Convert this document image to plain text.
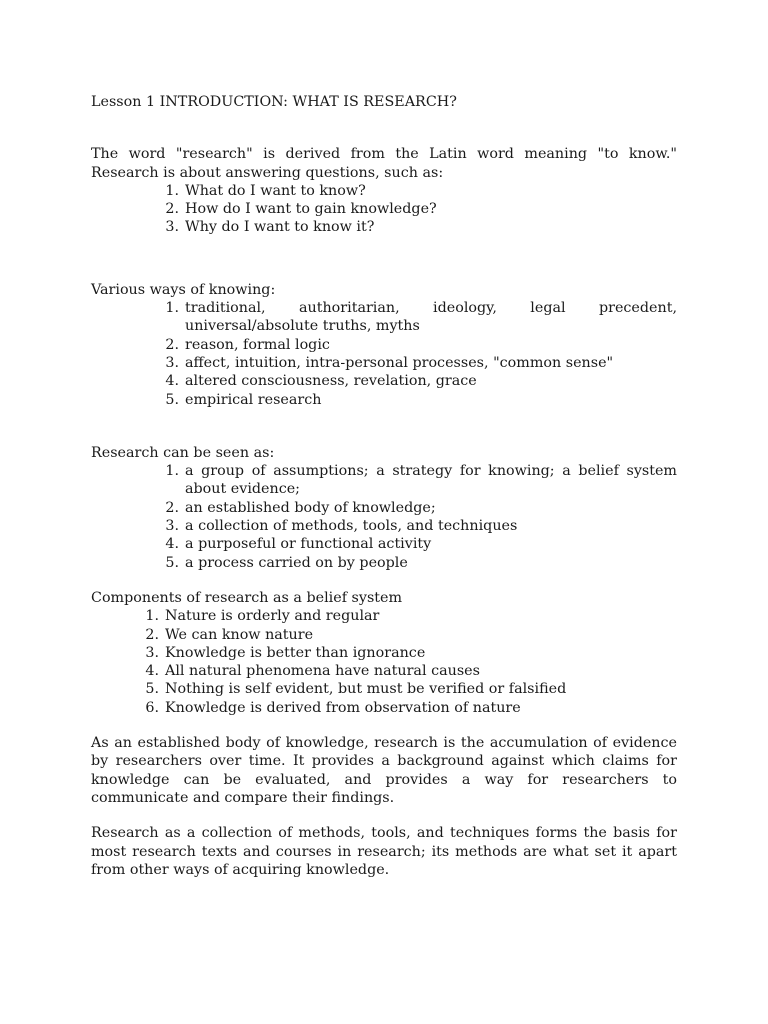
Lesson 1 INTRODUCTION: WHAT IS RESEARCH?

The word "research" is derived from the Latin word meaning "to know." Research is about answering questions, such as:

1. What do I want to know?
2. How do I want to gain knowledge?
3. Why do I want to know it?

Various ways of knowing:

1. traditional, authoritarian, ideology, legal precedent, universal/absolute truths, myths
2. reason, formal logic
3. affect, intuition, intra-personal processes, "common sense"
4. altered consciousness, revelation, grace
5. empirical research

Research can be seen as:

1. a group of assumptions; a strategy for knowing; a belief system about evidence;
2. an established body of knowledge;
3. a collection of methods, tools, and techniques
4. a purposeful or functional activity
5. a process carried on by people

Components of research as a belief system

1. Nature is orderly and regular
2. We can know nature
3. Knowledge is better than ignorance
4. All natural phenomena have natural causes
5. Nothing is self evident, but must be verified or falsified
6. Knowledge is derived from observation of nature

As an established body of knowledge, research is the accumulation of evidence by researchers over time. It provides a background against which claims for knowledge can be evaluated, and provides a way for researchers to communicate and compare their findings.

Research as a collection of methods, tools, and techniques forms the basis for most research texts and courses in research; its methods are what set it apart from other ways of acquiring knowledge.
